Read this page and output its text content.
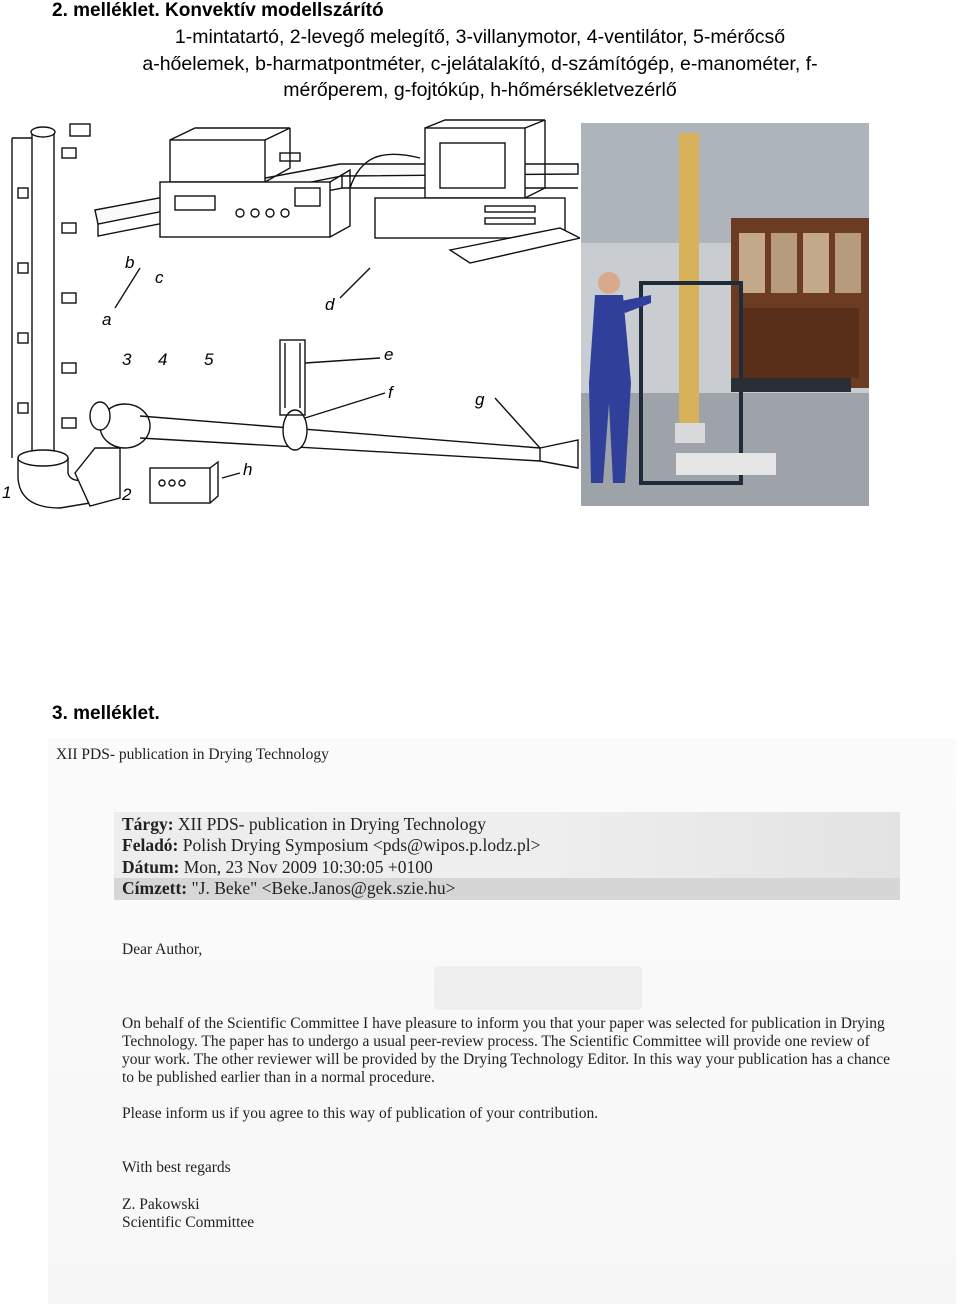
2. melléklet. Konvektív modellszárító
1-mintatartó, 2-levegő melegítő, 3-villanymotor, 4-ventilátor, 5-mérőcső
a-hőelemek, b-harmatpontméter, c-jelátalakító, d-számítógép, e-manométer, f-
mérőperem, g-fojtókúp, h-hőmérsékletvezérlő
b
c
a
d
3 4 5	e
f	g
h
1	2
3. melléklet.
XII PDS- publication in Drying Technology
Tárgy: XII PDS- publication in Drying Technology
Feladó: Polish Drying Symposium <pds@wipos.p.lodz.pl>
Dátum: Mon, 23 Nov 2009 10:30:05 +0100
Címzett: "J. Beke" <Beke.Janos@gek.szie.hu>

Dear Author,

On behalf of the Scientific Committee I have pleasure to inform you that your paper was selected for publication in Drying
Technology. The paper has to undergo a usual peer-review process. The Scientific Committee will provide one review of
your work. The other reviewer will be provided by the Drying Technology Editor. In this way your publication has a chance
to be published earlier than in a normal procedure.

Please inform us if you agree to this way of publication of your contribution.

With best regards

Z. Pakowski

Scientific Committee
